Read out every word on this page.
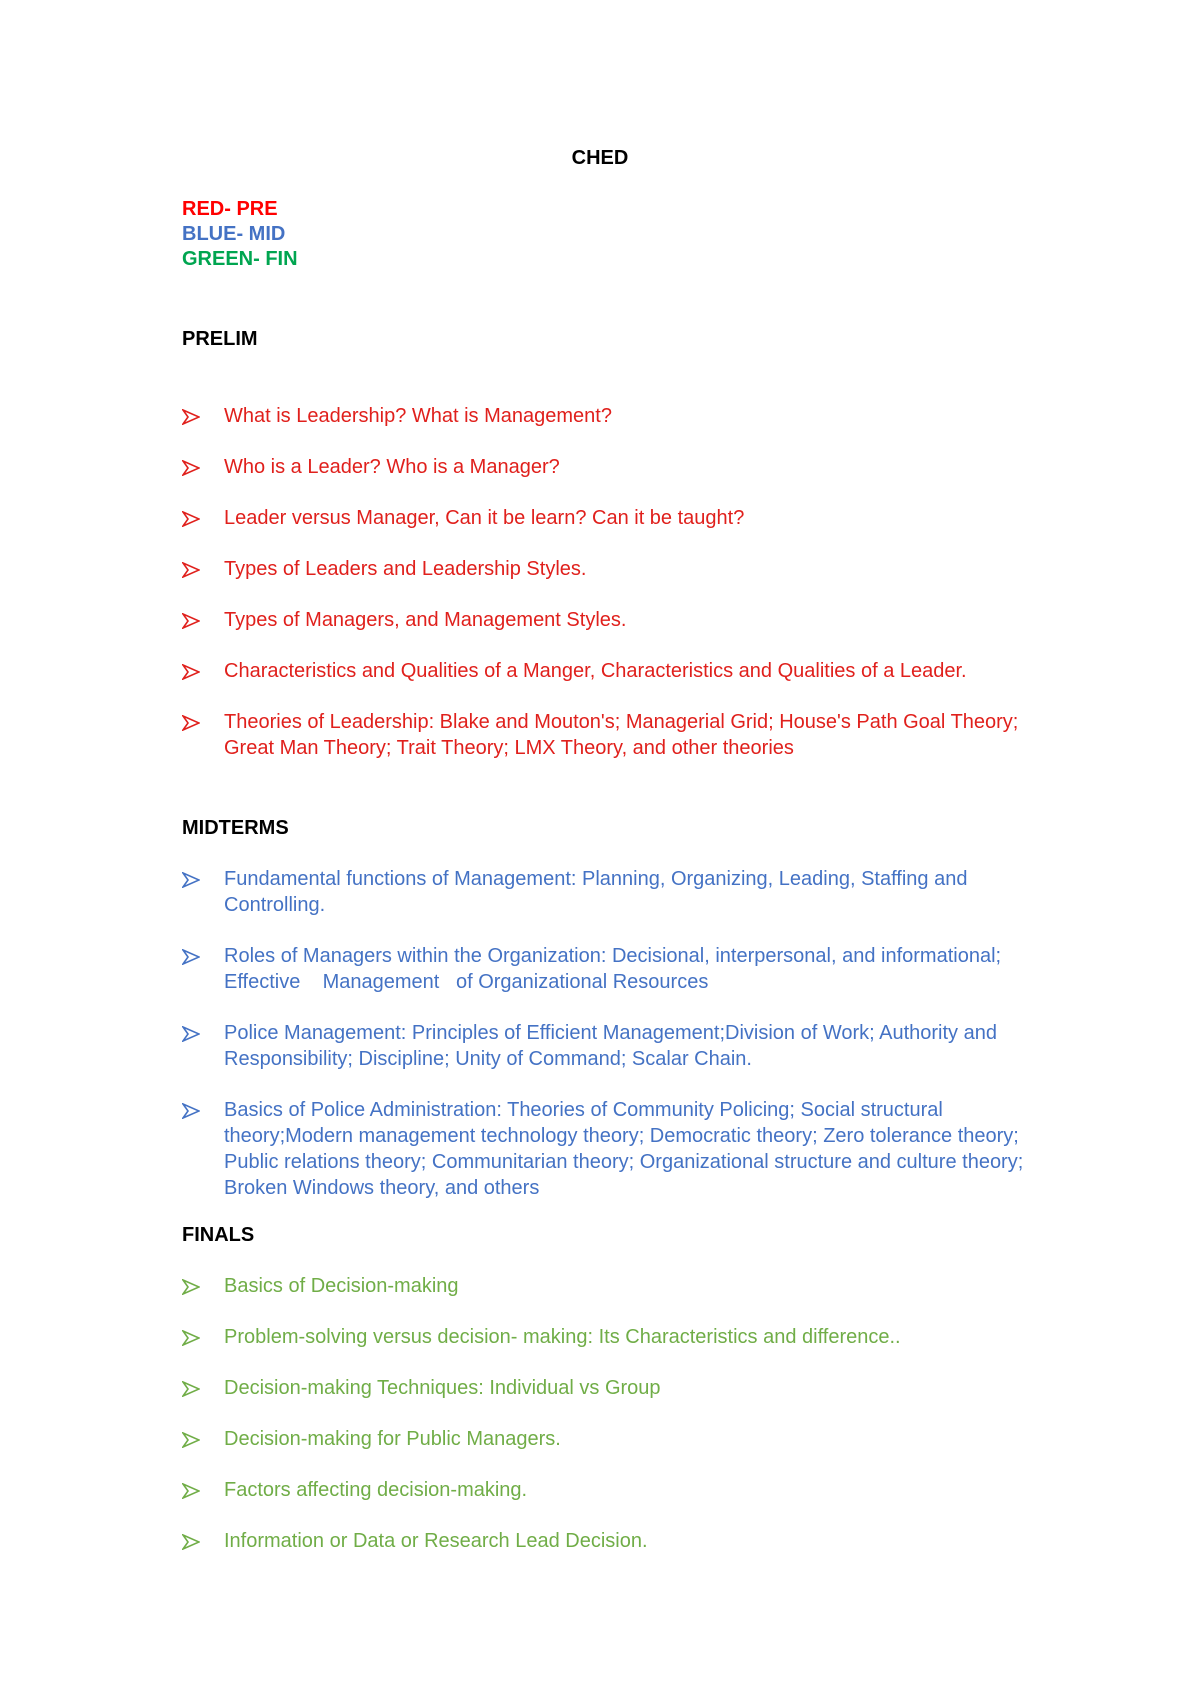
CHED
RED- PRE
BLUE- MID
GREEN- FIN
PRELIM
What is Leadership? What is Management?
Who is a Leader? Who is a Manager?
Leader versus Manager, Can it be learn? Can it be taught?
Types of Leaders and Leadership Styles.
Types of Managers, and Management Styles.
Characteristics and Qualities of a Manger, Characteristics and Qualities of a Leader.
Theories of Leadership: Blake and Mouton's; Managerial Grid; House's Path Goal Theory; Great Man Theory; Trait Theory; LMX Theory, and other theories
MIDTERMS
Fundamental functions of Management: Planning, Organizing, Leading, Staffing and Controlling.
Roles of Managers within the Organization: Decisional, interpersonal, and informational; Effective    Management   of Organizational Resources
Police Management: Principles of Efficient Management;Division of Work; Authority and Responsibility; Discipline; Unity of Command; Scalar Chain.
Basics of Police Administration: Theories of Community Policing; Social structural theory;Modern management technology theory; Democratic theory; Zero tolerance theory; Public relations theory; Communitarian theory; Organizational structure and culture theory; Broken Windows theory, and others
FINALS
Basics of Decision-making
Problem-solving versus decision- making: Its Characteristics and difference..
Decision-making Techniques: Individual vs Group
Decision-making for Public Managers.
Factors affecting decision-making.
Information or Data or Research Lead Decision.
